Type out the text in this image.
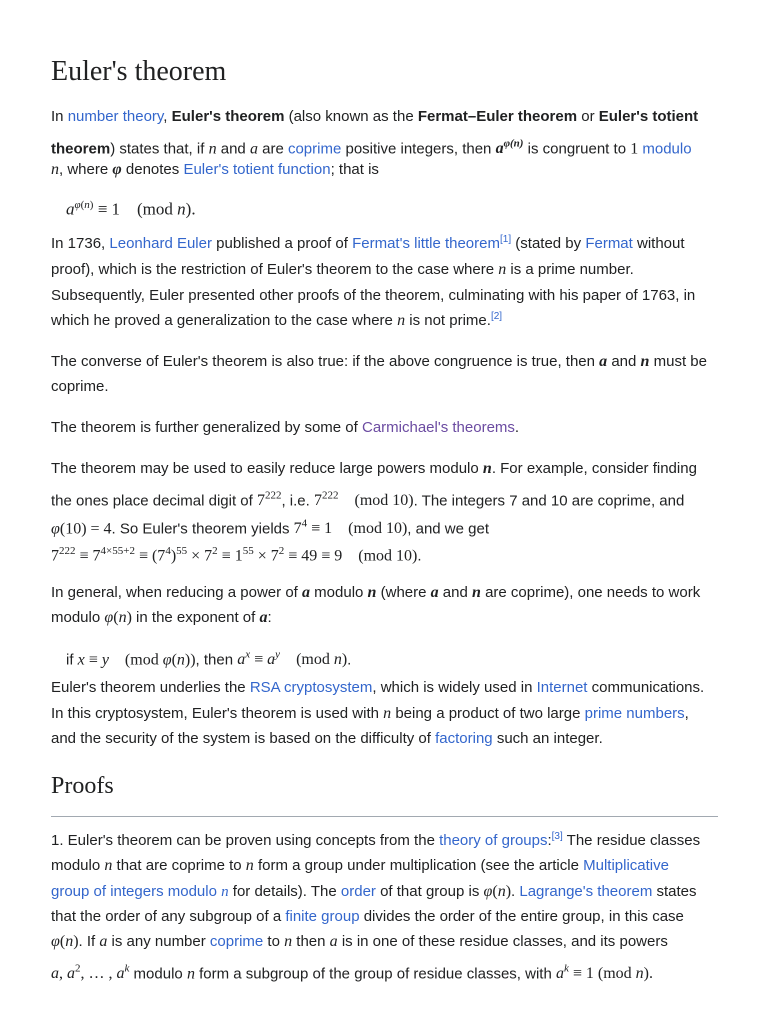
Euler's theorem
In number theory, Euler's theorem (also known as the Fermat–Euler theorem or Euler's totient
theorem) states that, if n and a are coprime positive integers, then $a^{\varphi(n)}$ is congruent to 1 modulo
n, where φ denotes Euler's totient function; that is
$a^{\varphi(n)} \equiv 1$    (mod n).
In 1736, Leonhard Euler published a proof of Fermat's little theorem[1] (stated by Fermat without
proof), which is the restriction of Euler's theorem to the case where n is a prime number.
Subsequently, Euler presented other proofs of the theorem, culminating with his paper of 1763, in
which he proved a generalization to the case where n is not prime.[2]
The converse of Euler's theorem is also true: if the above congruence is true, then a and n must be
coprime.
The theorem is further generalized by some of Carmichael's theorems.
The theorem may be used to easily reduce large powers modulo n. For example, consider finding
the ones place decimal digit of $7^{222}$, i.e. $7^{222}$    (mod 10). The integers 7 and 10 are coprime, and
φ(10) = 4. So Euler's theorem yields $7^4 \equiv 1$    (mod 10), and we get
$7^{222} \equiv 7^{4\times 55+2} \equiv (7^4)^{55} \times 7^2 \equiv 1^{55} \times 7^2 \equiv 49 \equiv 9$    (mod 10).
In general, when reducing a power of a modulo n (where a and n are coprime), one needs to work
modulo φ(n) in the exponent of a:
if x ≡ y    (mod φ(n)), then $a^x \equiv a^y$    (mod n).
Euler's theorem underlies the RSA cryptosystem, which is widely used in Internet communications.
In this cryptosystem, Euler's theorem is used with n being a product of two large prime numbers,
and the security of the system is based on the difficulty of factoring such an integer.
Proofs
1. Euler's theorem can be proven using concepts from the theory of groups:[3] The residue classes
modulo n that are coprime to n form a group under multiplication (see the article Multiplicative
group of integers modulo n for details). The order of that group is φ(n). Lagrange's theorem states
that the order of any subgroup of a finite group divides the order of the entire group, in this case
φ(n). If a is any number coprime to n then a is in one of these residue classes, and its powers
a, $a^2$, … , $a^k$ modulo n form a subgroup of the group of residue classes, with $a^k \equiv 1$ (mod n).
